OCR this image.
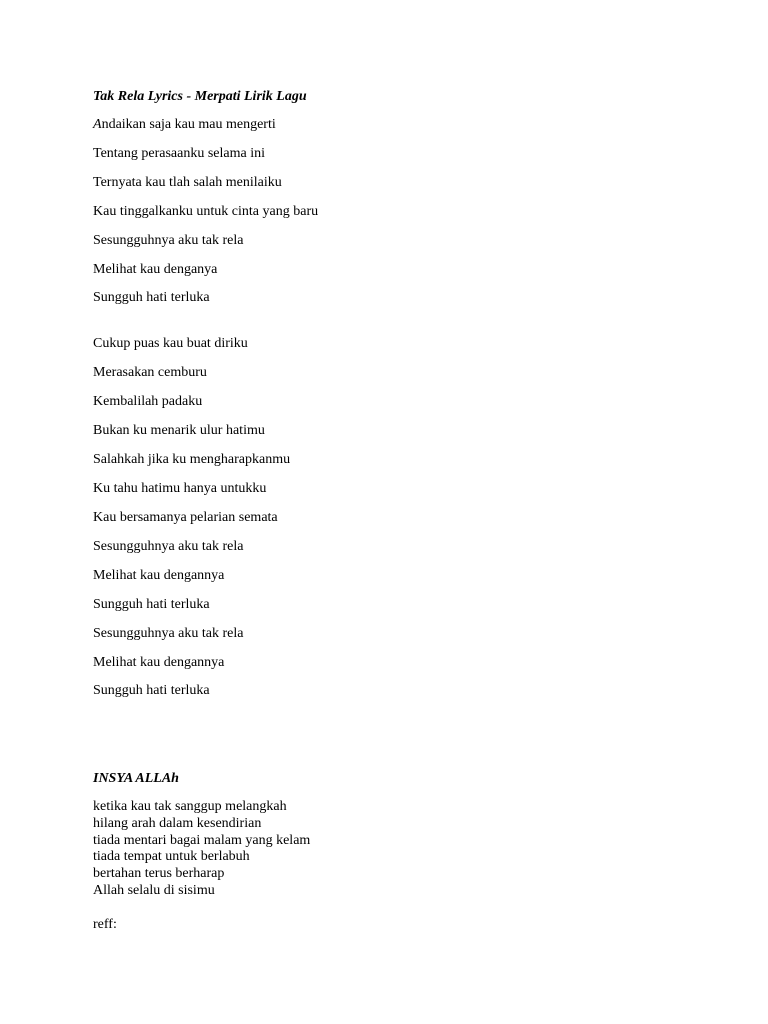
Tak Rela Lyrics - Merpati Lirik Lagu
Andaikan saja kau mau mengerti
Tentang perasaanku selama ini
Ternyata kau tlah salah menilaiku
Kau tinggalkanku untuk cinta yang baru
Sesungguhnya aku tak rela
Melihat kau denganya
Sungguh hati terluka
Cukup puas kau buat diriku
Merasakan cemburu
Kembalilah padaku
Bukan ku menarik ulur hatimu
Salahkah jika ku mengharapkanmu
Ku tahu hatimu hanya untukku
Kau bersamanya pelarian semata
Sesungguhnya aku tak rela
Melihat kau dengannya
Sungguh hati terluka
Sesungguhnya aku tak rela
Melihat kau dengannya
Sungguh hati terluka
INSYA ALLAh
ketika kau tak sanggup melangkah
hilang arah dalam kesendirian
tiada mentari bagai malam yang kelam
tiada tempat untuk berlabuh
bertahan terus berharap
Allah selalu di sisimu
reff:
